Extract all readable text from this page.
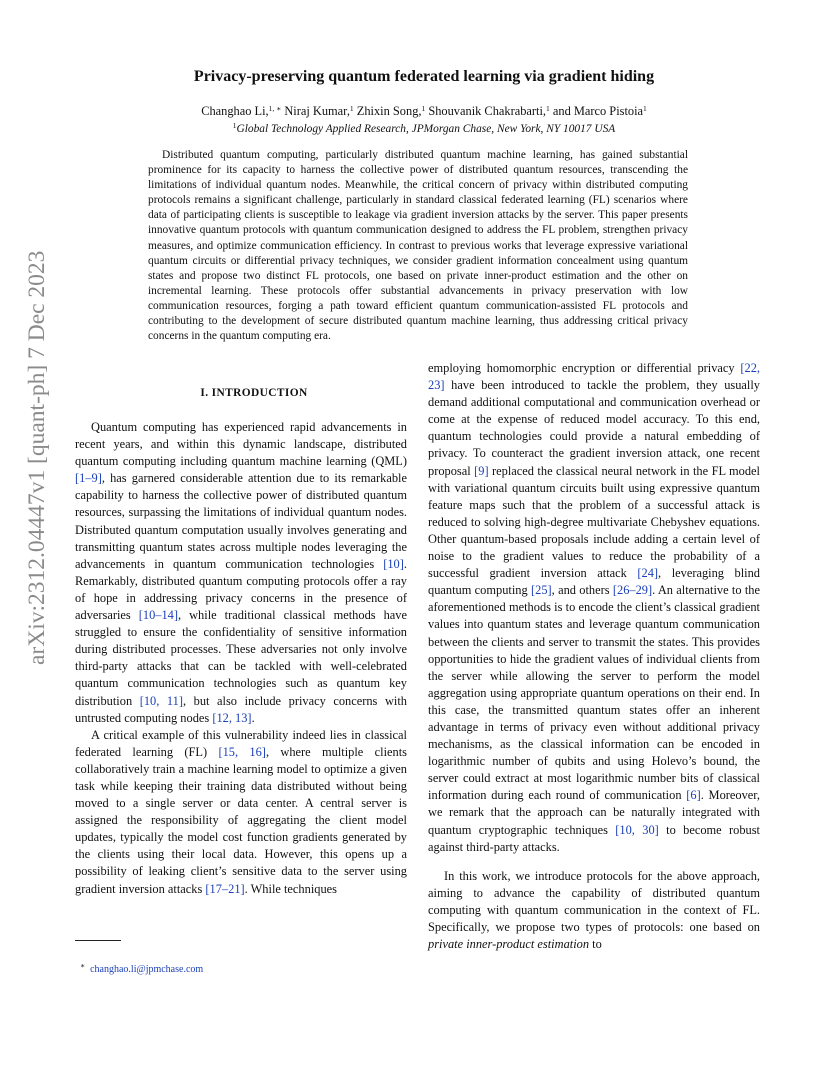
arXiv:2312.04447v1 [quant-ph] 7 Dec 2023
Privacy-preserving quantum federated learning via gradient hiding
Changhao Li,$^{1, ∗}$ Niraj Kumar,$^1$ Zhixin Song,$^1$ Shouvanik Chakrabarti,$^1$ and Marco Pistoia$^1$
$^1$Global Technology Applied Research, JPMorgan Chase, New York, NY 10017 USA
Distributed quantum computing, particularly distributed quantum machine learning, has gained substantial prominence for its capacity to harness the collective power of distributed quantum resources, transcending the limitations of individual quantum nodes. Meanwhile, the critical concern of privacy within distributed computing protocols remains a significant challenge, particularly in standard classical federated learning (FL) scenarios where data of participating clients is susceptible to leakage via gradient inversion attacks by the server. This paper presents innovative quantum protocols with quantum communication designed to address the FL problem, strengthen privacy measures, and optimize communication efficiency. In contrast to previous works that leverage expressive variational quantum circuits or differential privacy techniques, we consider gradient information concealment using quantum states and propose two distinct FL protocols, one based on private inner-product estimation and the other on incremental learning. These protocols offer substantial advancements in privacy preservation with low communication resources, forging a path toward efficient quantum communication-assisted FL protocols and contributing to the development of secure distributed quantum machine learning, thus addressing critical privacy concerns in the quantum computing era.
I. INTRODUCTION

Quantum computing has experienced rapid advancements in recent years, and within this dynamic landscape, distributed quantum computing including quantum machine learning (QML) [1–9], has garnered considerable attention due to its remarkable capability to harness the collective power of distributed quantum resources, surpassing the limitations of individual quantum nodes. Distributed quantum computation usually involves generating and transmitting quantum states across multiple nodes leveraging the advancements in quantum communication technologies [10]. Remarkably, distributed quantum computing protocols offer a ray of hope in addressing privacy concerns in the presence of adversaries [10–14], while traditional classical methods have struggled to ensure the confidentiality of sensitive information during distributed processes. These adversaries not only involve third-party attacks that can be tackled with well-celebrated quantum communication technologies such as quantum key distribution [10, 11], but also include privacy concerns with untrusted computing nodes [12, 13].

A critical example of this vulnerability indeed lies in classical federated learning (FL) [15, 16], where multiple clients collaboratively train a machine learning model to optimize a given task while keeping their training data distributed without being moved to a single server or data center. A central server is assigned the responsibility of aggregating the client model updates, typically the model cost function gradients generated by the clients using their local data. However, this opens up a possibility of leaking client’s sensitive data to the server using gradient inversion attacks [17–21]. While techniques

employing homomorphic encryption or differential privacy [22, 23] have been introduced to tackle the problem, they usually demand additional computational and communication overhead or come at the expense of reduced model accuracy. To this end, quantum technologies could provide a natural embedding of privacy. To counteract the gradient inversion attack, one recent proposal [9] replaced the classical neural network in the FL model with variational quantum circuits built using expressive quantum feature maps such that the problem of a successful attack is reduced to solving high-degree multivariate Chebyshev equations. Other quantum-based proposals include adding a certain level of noise to the gradient values to reduce the probability of a successful gradient inversion attack [24], leveraging blind quantum computing [25], and others [26–29]. An alternative to the aforementioned methods is to encode the client’s classical gradient values into quantum states and leverage quantum communication between the clients and server to transmit the states. This provides opportunities to hide the gradient values of individual clients from the server while allowing the server to perform the model aggregation using appropriate quantum operations on their end. In this case, the transmitted quantum states offer an inherent advantage in terms of privacy even without additional privacy mechanisms, as the classical information can be encoded in logarithmic number of qubits and using Holevo’s bound, the server could extract at most logarithmic number bits of classical information during each round of communication [6]. Moreover, we remark that the approach can be naturally integrated with quantum cryptographic techniques [10, 30] to become robust against third-party attacks.

In this work, we introduce protocols for the above approach, aiming to advance the capability of distributed quantum computing with quantum communication in the context of FL. Specifically, we propose two types of protocols: one based on private inner-product estimation to

∗ changhao.li@jpmchase.com
